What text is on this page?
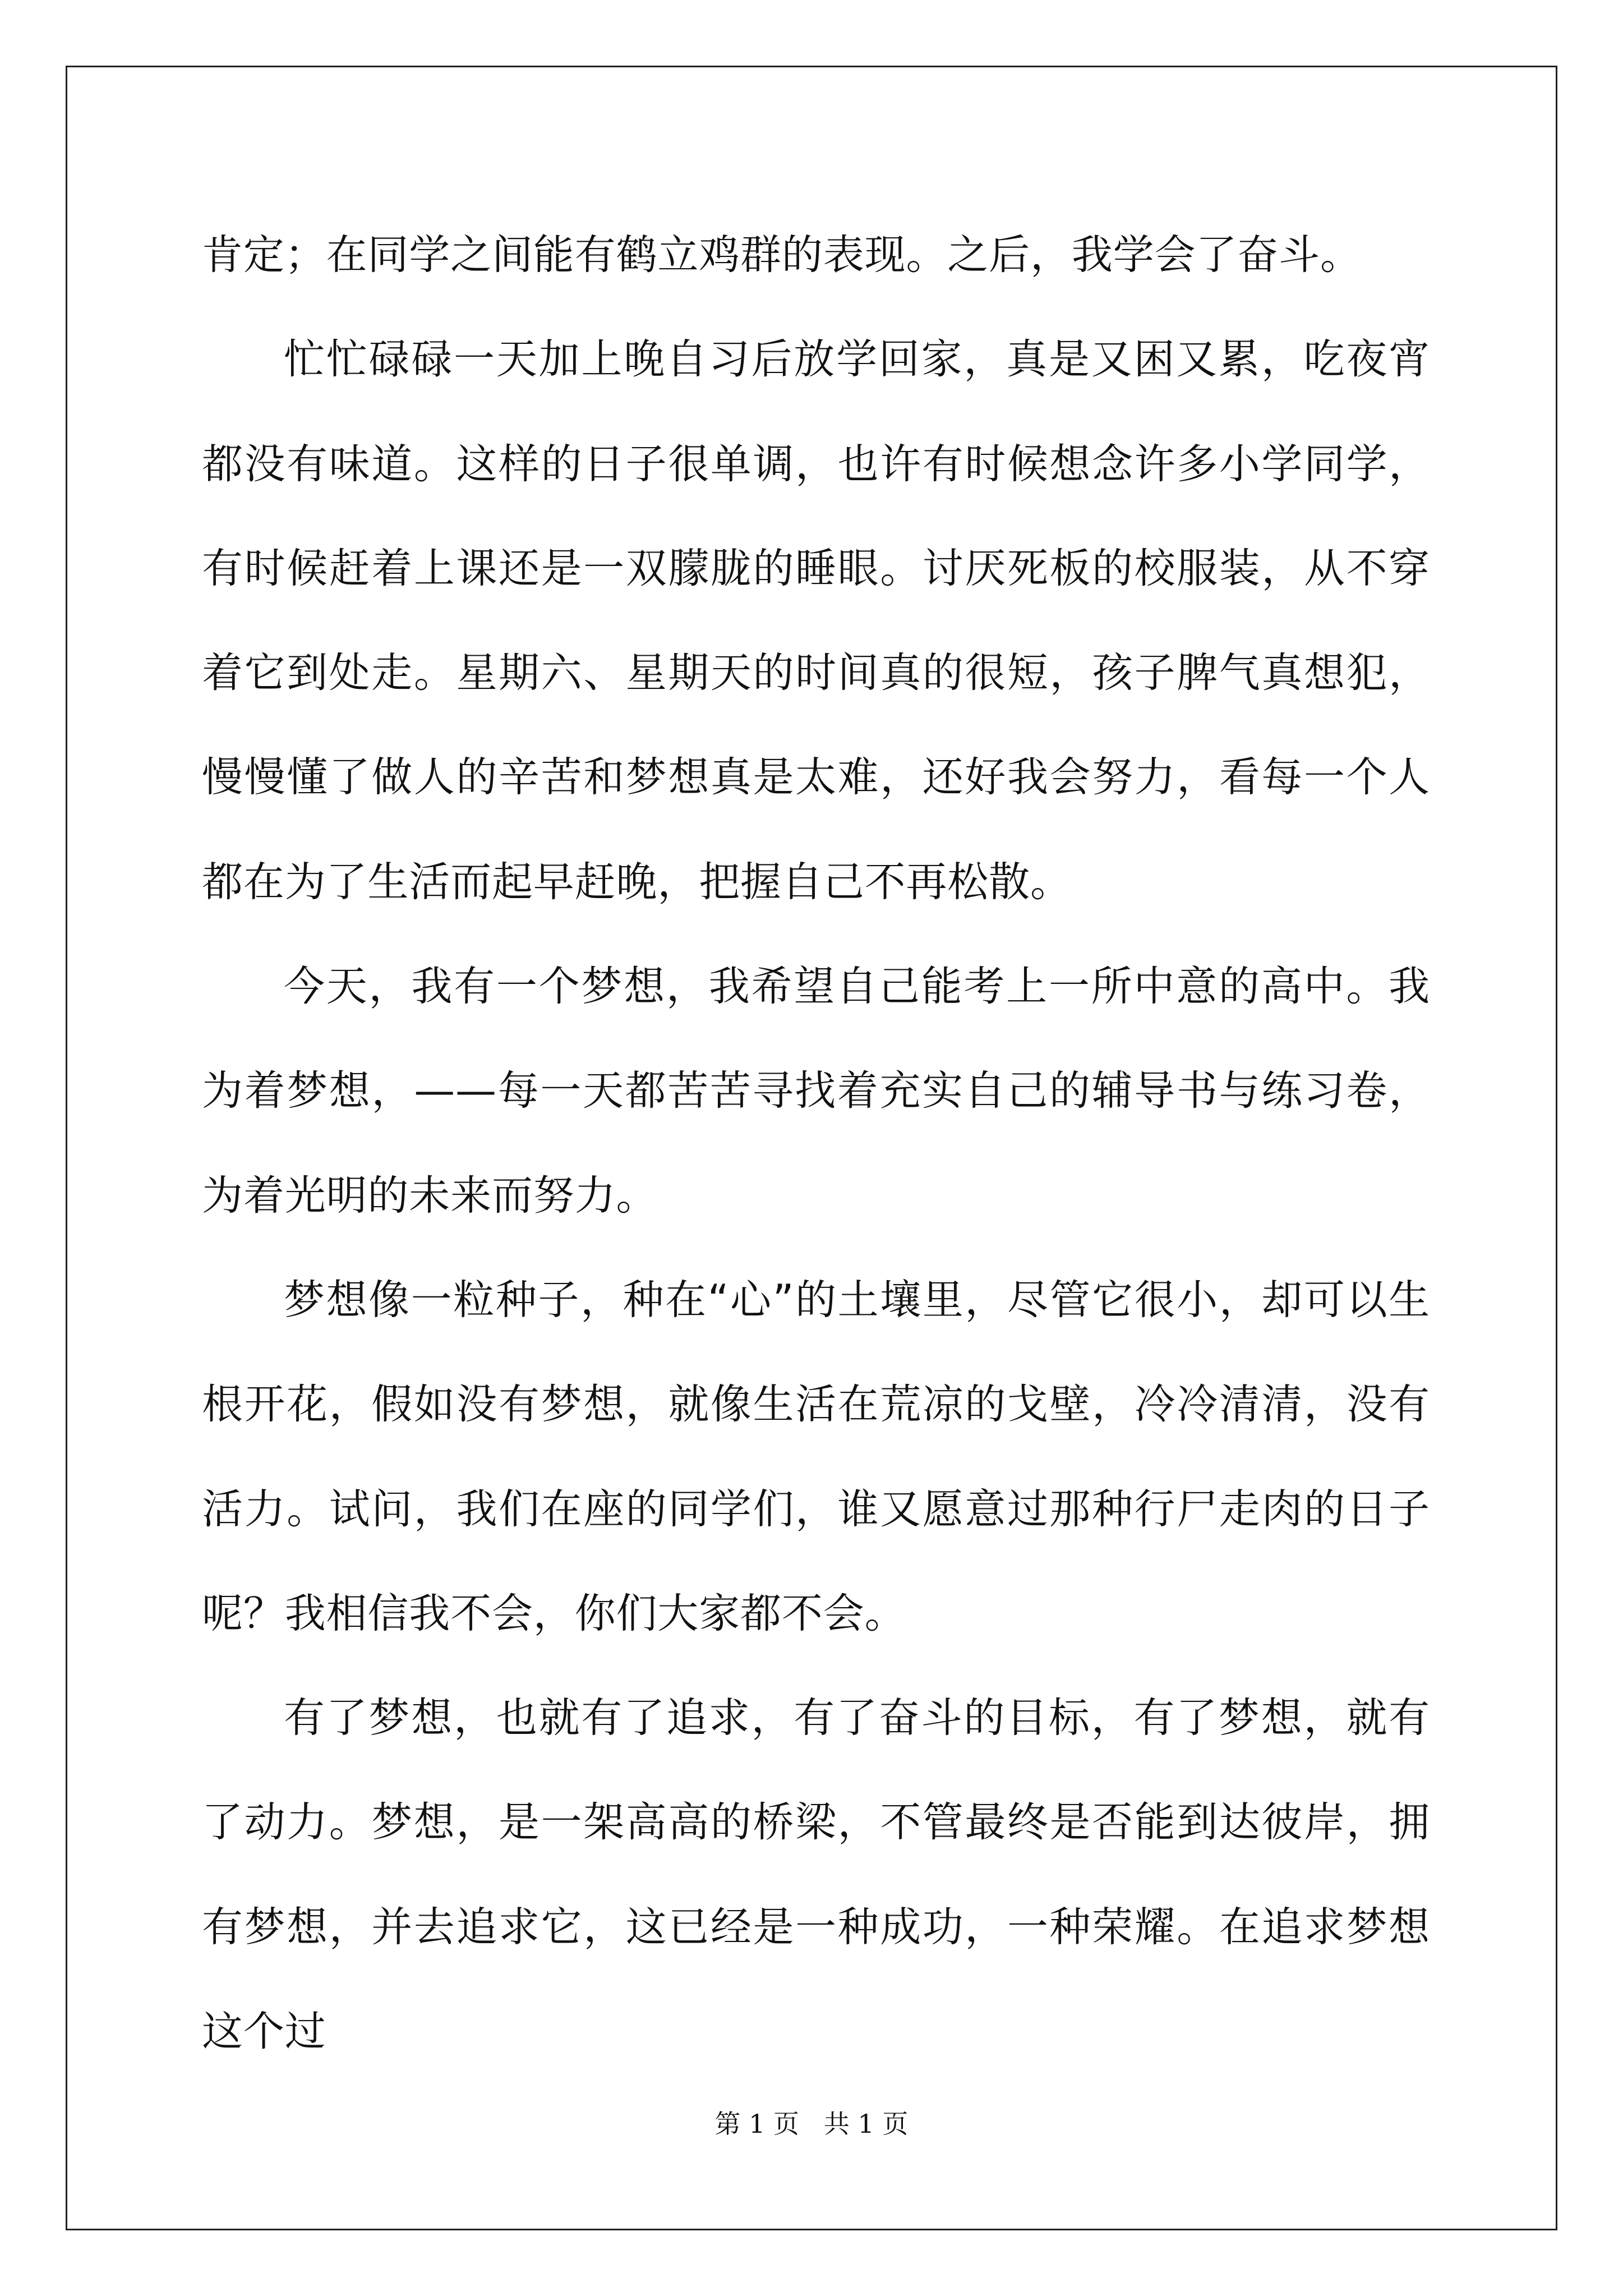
肯定；在同学之间能有鹤立鸡群的表现。之后，我学会了奋斗。

忙忙碌碌一天加上晚自习后放学回家，真是又困又累，吃夜宵都没有味道。这样的日子很单调，也许有时候想念许多小学同学，有时候赶着上课还是一双朦胧的睡眼。讨厌死板的校服装，从不穿着它到处走。星期六、星期天的时间真的很短，孩子脾气真想犯，慢慢懂了做人的辛苦和梦想真是太难，还好我会努力，看每一个人都在为了生活而起早赶晚，把握自己不再松散。

今天，我有一个梦想，我希望自己能考上一所中意的高中。我为着梦想，——每一天都苦苦寻找着充实自己的辅导书与练习卷，为着光明的未来而努力。

梦想像一粒种子，种在“心”的土壤里，尽管它很小，却可以生根开花，假如没有梦想，就像生活在荒凉的戈壁，冷冷清清，没有活力。试问，我们在座的同学们，谁又愿意过那种行尸走肉的日子呢？我相信我不会，你们大家都不会。

有了梦想，也就有了追求，有了奋斗的目标，有了梦想，就有了动力。梦想，是一架高高的桥梁，不管最终是否能到达彼岸，拥有梦想，并去追求它，这已经是一种成功，一种荣耀。在追求梦想这个过

第 1 页   共 1 页
